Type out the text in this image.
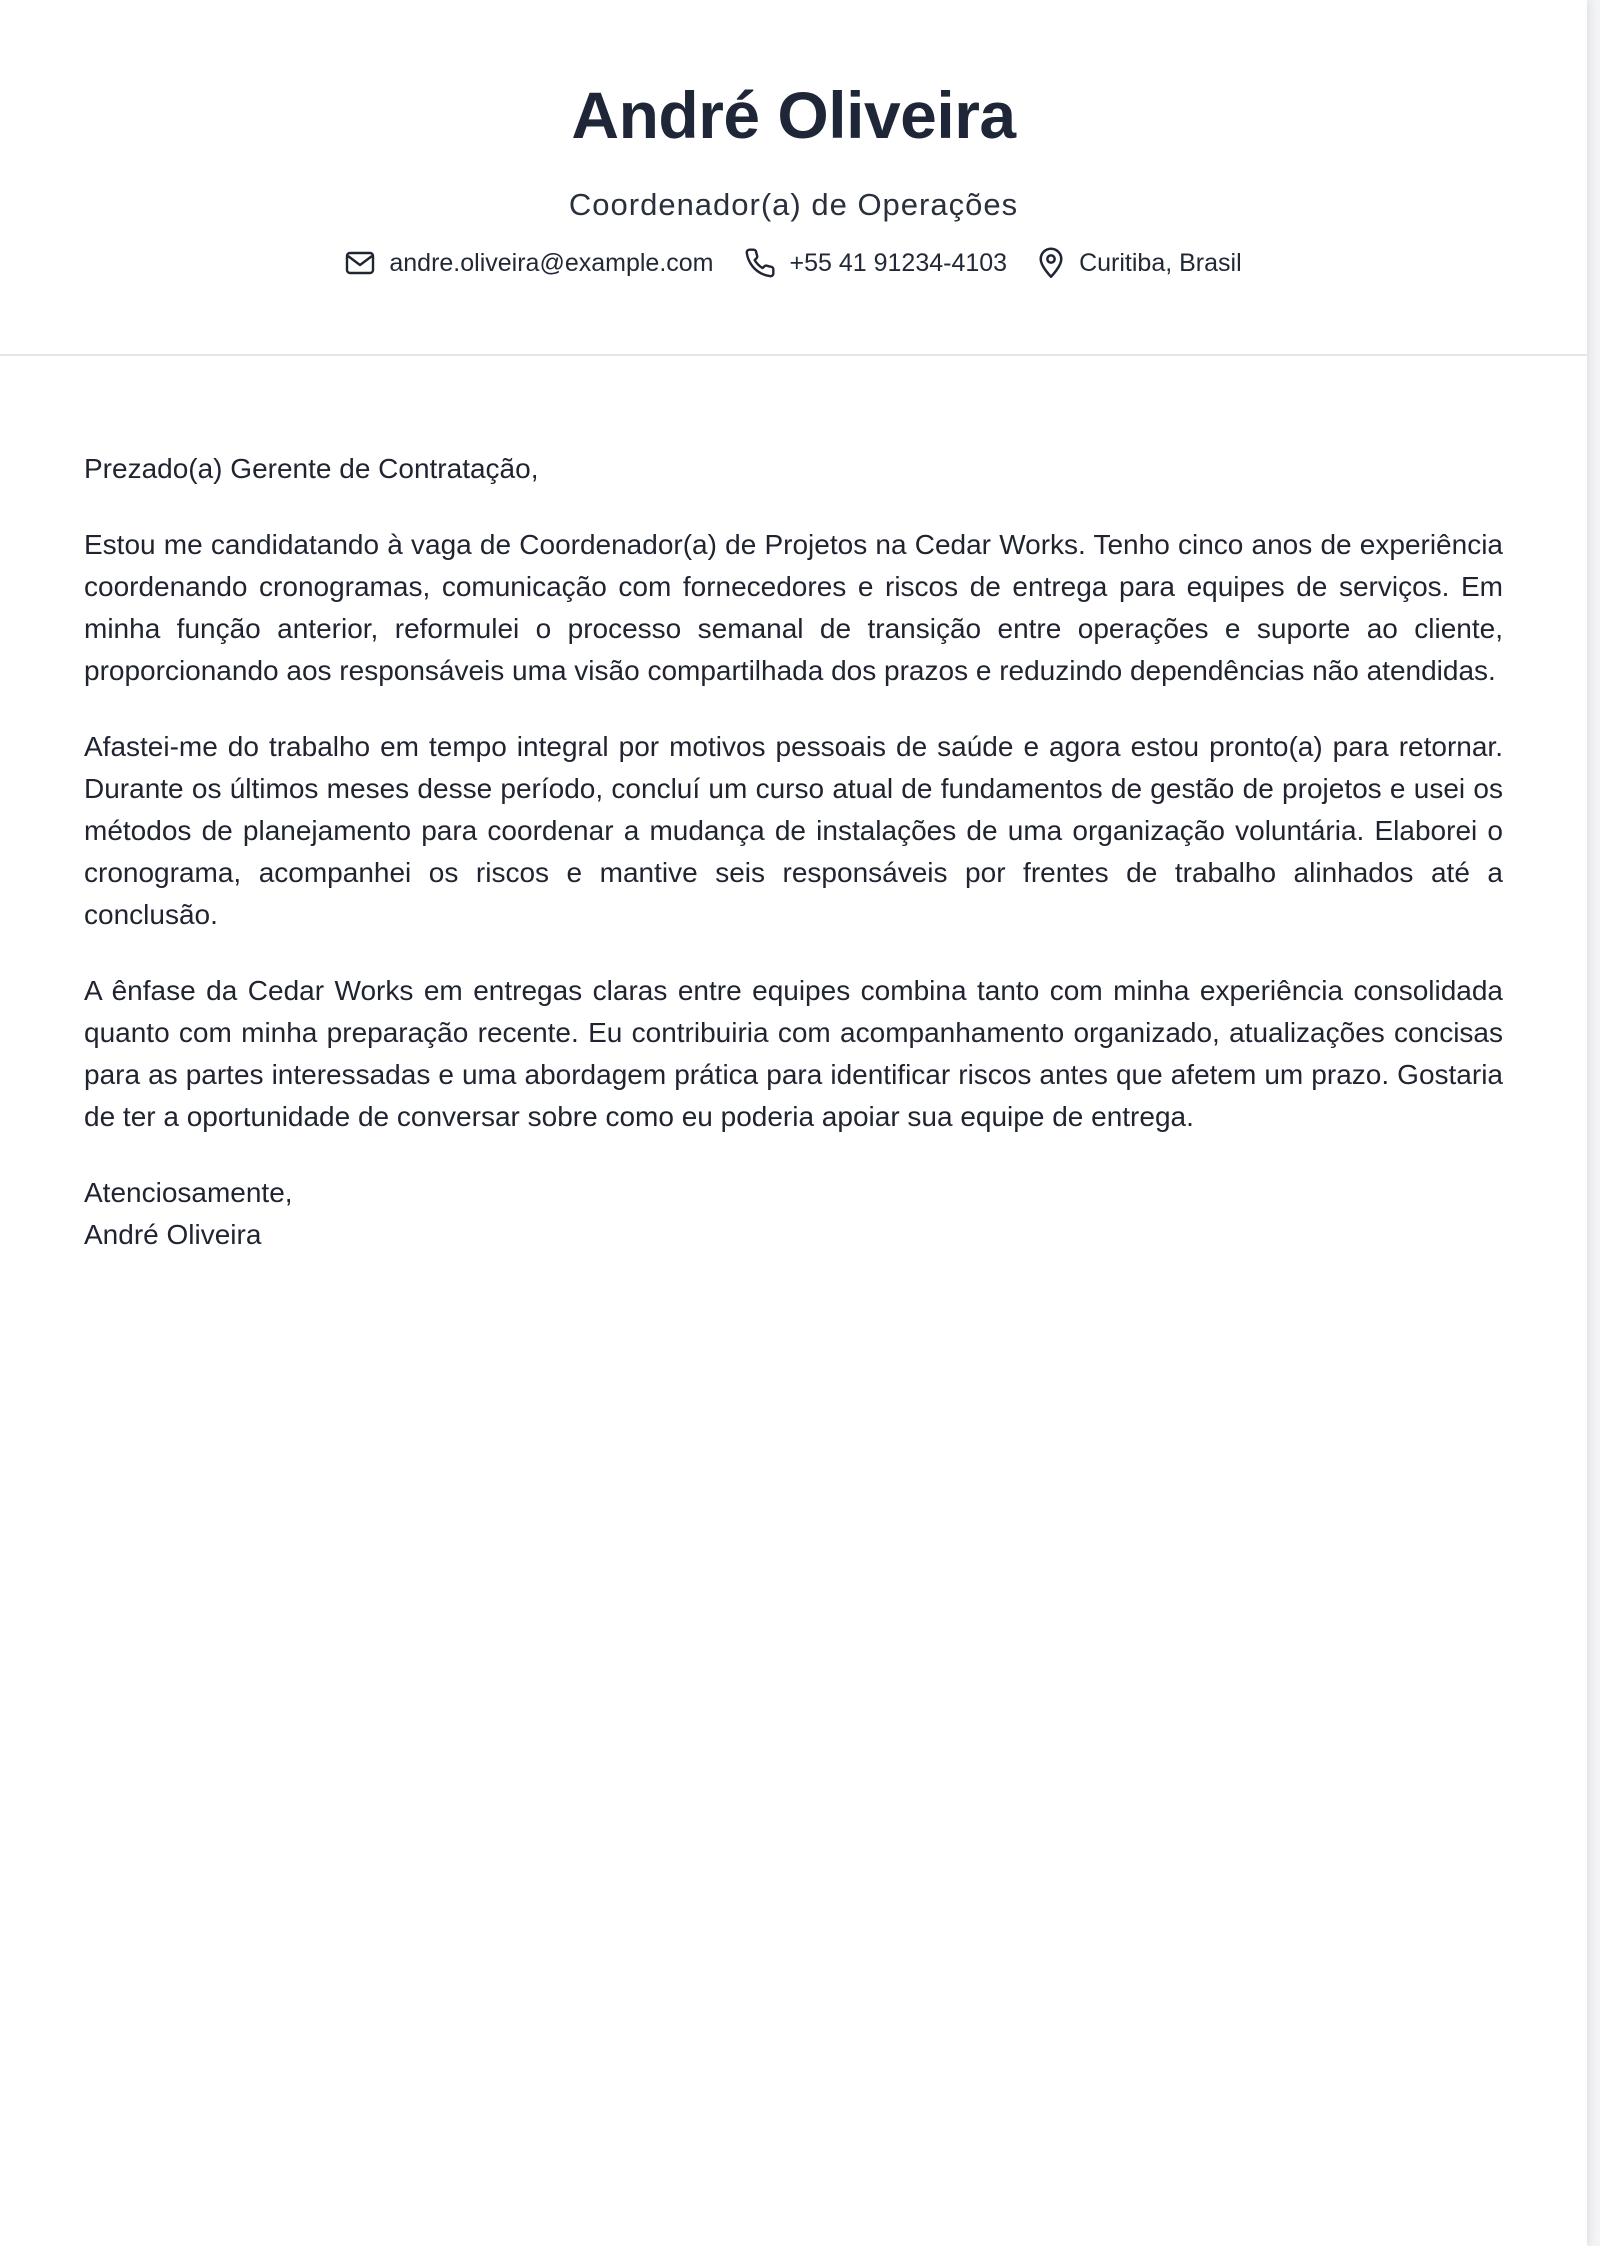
André Oliveira

Coordenador(a) de Operações

andre.oliveira@example.com	+55 41 91234-4103	Curitiba, Brasil

Prezado(a) Gerente de Contratação,

Estou me candidatando à vaga de Coordenador(a) de Projetos na Cedar Works. Tenho cinco anos de experiência coordenando cronogramas, comunicação com fornecedores e riscos de entrega para equipes de serviços. Em minha função anterior, reformulei o processo semanal de transição entre operações e suporte ao cliente, proporcionando aos responsáveis uma visão compartilhada dos prazos e reduzindo dependências não atendidas.

Afastei-me do trabalho em tempo integral por motivos pessoais de saúde e agora estou pronto(a) para retornar. Durante os últimos meses desse período, concluí um curso atual de fundamentos de gestão de projetos e usei os métodos de planejamento para coordenar a mudança de instalações de uma organização voluntária. Elaborei o cronograma, acompanhei os riscos e mantive seis responsáveis por frentes de trabalho alinhados até a conclusão.

A ênfase da Cedar Works em entregas claras entre equipes combina tanto com minha experiência consolidada quanto com minha preparação recente. Eu contribuiria com acompanhamento organizado, atualizações concisas para as partes interessadas e uma abordagem prática para identificar riscos antes que afetem um prazo. Gostaria de ter a oportunidade de conversar sobre como eu poderia apoiar sua equipe de entrega.

Atenciosamente,
André Oliveira
